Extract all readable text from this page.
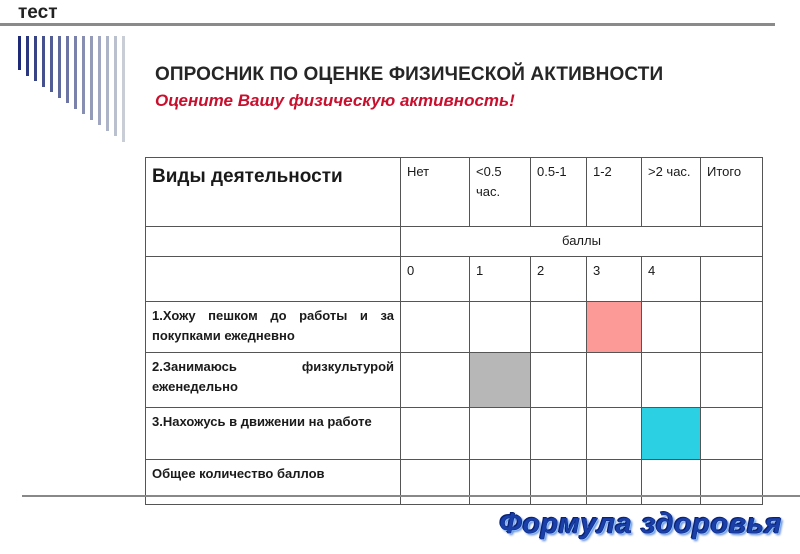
тест
ОПРОСНИК ПО ОЦЕНКЕ ФИЗИЧЕСКОЙ АКТИВНОСТИ
Оцените Вашу физическую активность!
Виды деятельности	Нет	<0.5 час.	0.5-1	1-2	>2 час.	Итого
	баллы					
	0	1	2	3	4	
1.Хожу пешком до работы и за покупками ежедневно						
2.Занимаюсь физкультурой еженедельно						
3.Нахожусь в движении на работе						
Общее количество баллов						
Формула здоровья
